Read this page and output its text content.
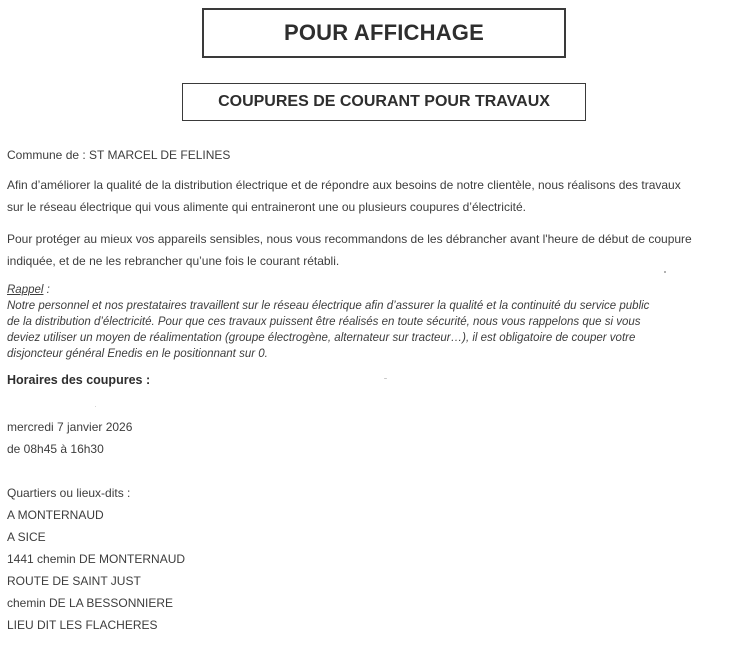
POUR AFFICHAGE
COUPURES DE COURANT POUR TRAVAUX
Commune de : ST MARCEL DE FELINES
Afin d’améliorer la qualité de la distribution électrique et de répondre aux besoins de notre clientèle, nous réalisons des travaux
sur le réseau électrique qui vous alimente qui entraineront une ou plusieurs coupures d’électricité.
Pour protéger au mieux vos appareils sensibles, nous vous recommandons de les débrancher avant l'heure de début de coupure
indiquée, et de ne les rebrancher qu’une fois le courant rétabli.
Rappel :
Notre personnel et nos prestataires travaillent sur le réseau électrique afin d’assurer la qualité et la continuité du service public
de la distribution d’électricité. Pour que ces travaux puissent être réalisés en toute sécurité, nous vous rappelons que si vous
deviez utiliser un moyen de réalimentation (groupe électrogène, alternateur sur tracteur…), il est obligatoire de couper votre
disjoncteur général Enedis en le positionnant sur 0.
Horaires des coupures :
mercredi 7 janvier 2026
de 08h45 à 16h30
Quartiers ou lieux-dits :
A MONTERNAUD
A SICE
1441 chemin DE MONTERNAUD
ROUTE DE SAINT JUST
chemin DE LA BESSONNIERE
LIEU DIT LES FLACHERES
